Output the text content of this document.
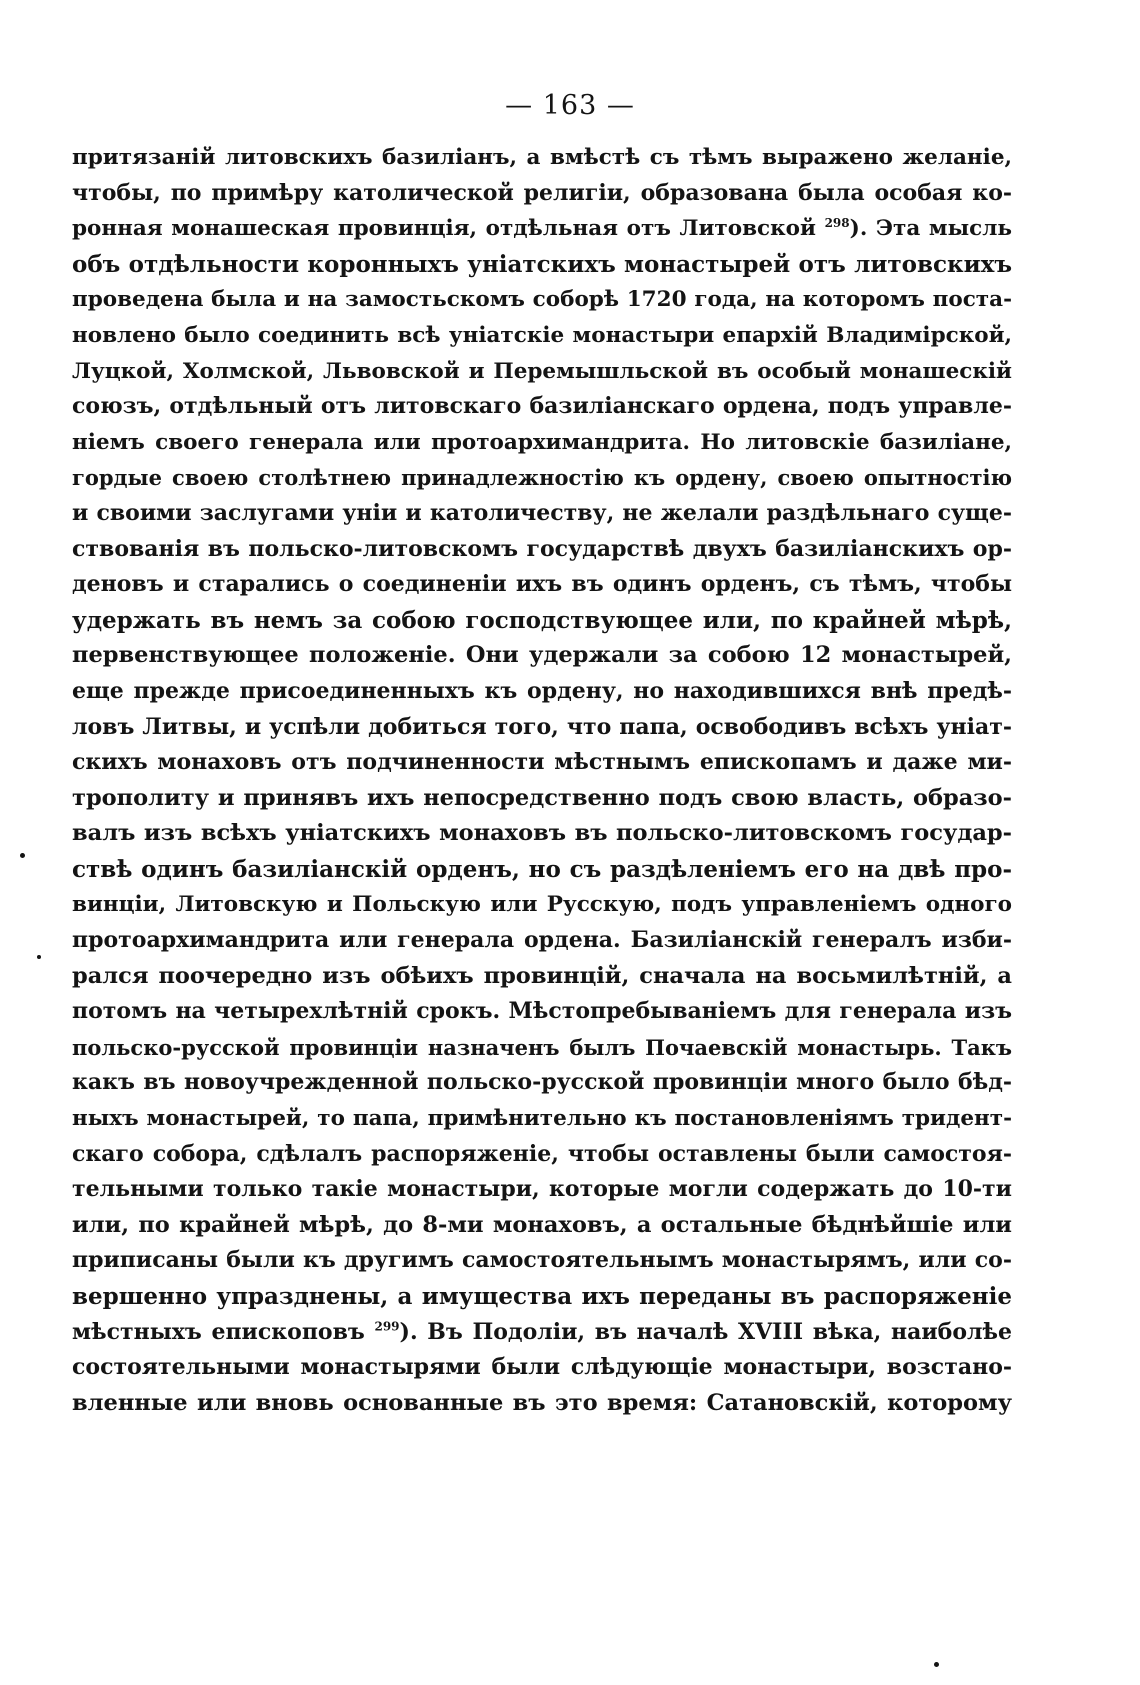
— 163 —
притязаній литовскихъ базиліанъ, а вмѣстѣ съ тѣмъ выражено желаніе,
чтобы, по примѣру католической религіи, образована была особая ко-
ронная монашеская провинція, отдѣльная отъ Литовской $^{298}$). Эта мысль
объ отдѣльности коронныхъ уніатскихъ монастырей отъ литовскихъ
проведена была и на замостьскомъ соборѣ 1720 года, на которомъ поста-
новлено было соединить всѣ уніатскіе монастыри епархій Владимірской,
Луцкой, Холмской, Львовской и Перемышльской въ особый монашескій
союзъ, отдѣльный отъ литовскаго базиліанскаго ордена, подъ управле-
ніемъ своего генерала или протоархимандрита. Но литовскіе базиліане,
гордые своею столѣтнею принадлежностію къ ордену, своею опытностію
и своими заслугами уніи и католичеству, не желали раздѣльнаго суще-
ствованія въ польско-литовскомъ государствѣ двухъ базиліанскихъ ор-
деновъ и старались о соединеніи ихъ въ одинъ орденъ, съ тѣмъ, чтобы
удержать въ немъ за собою господствующее или, по крайней мѣрѣ,
первенствующее положеніе. Они удержали за собою 12 монастырей,
еще прежде присоединенныхъ къ ордену, но находившихся внѣ предѣ-
ловъ Литвы, и успѣли добиться того, что папа, освободивъ всѣхъ уніат-
скихъ монаховъ отъ подчиненности мѣстнымъ епископамъ и даже ми-
трополиту и принявъ ихъ непосредственно подъ свою власть, образо-
валъ изъ всѣхъ уніатскихъ монаховъ въ польско-литовскомъ государ-
ствѣ одинъ базиліанскій орденъ, но съ раздѣленіемъ его на двѣ про-
винціи, Литовскую и Польскую или Русскую, подъ управленіемъ одного
протоархимандрита или генерала ордена. Базиліанскій генералъ изби-
рался поочередно изъ обѣихъ провинцій, сначала на восьмилѣтній, а
потомъ на четырехлѣтній срокъ. Мѣстопребываніемъ для генерала изъ
польско-русской провинціи назначенъ былъ Почаевскій монастырь. Такъ
какъ въ новоучрежденной польско-русской провинціи много было бѣд-
ныхъ монастырей, то папа, примѣнительно къ постановленіямъ тридент-
скаго собора, сдѣлалъ распоряженіе, чтобы оставлены были самостоя-
тельными только такіе монастыри, которые могли содержать до 10-ти
или, по крайней мѣрѣ, до 8-ми монаховъ, а остальные бѣднѣйшіе или
приписаны были къ другимъ самостоятельнымъ монастырямъ, или со-
вершенно упразднены, а имущества ихъ переданы въ распоряженіе
мѣстныхъ епископовъ $^{299}$). Въ Подоліи, въ началѣ XVIII вѣка, наиболѣе
состоятельными монастырями были слѣдующіе монастыри, возстано-
вленные или вновь основанные въ это время: Сатановскій, которому
